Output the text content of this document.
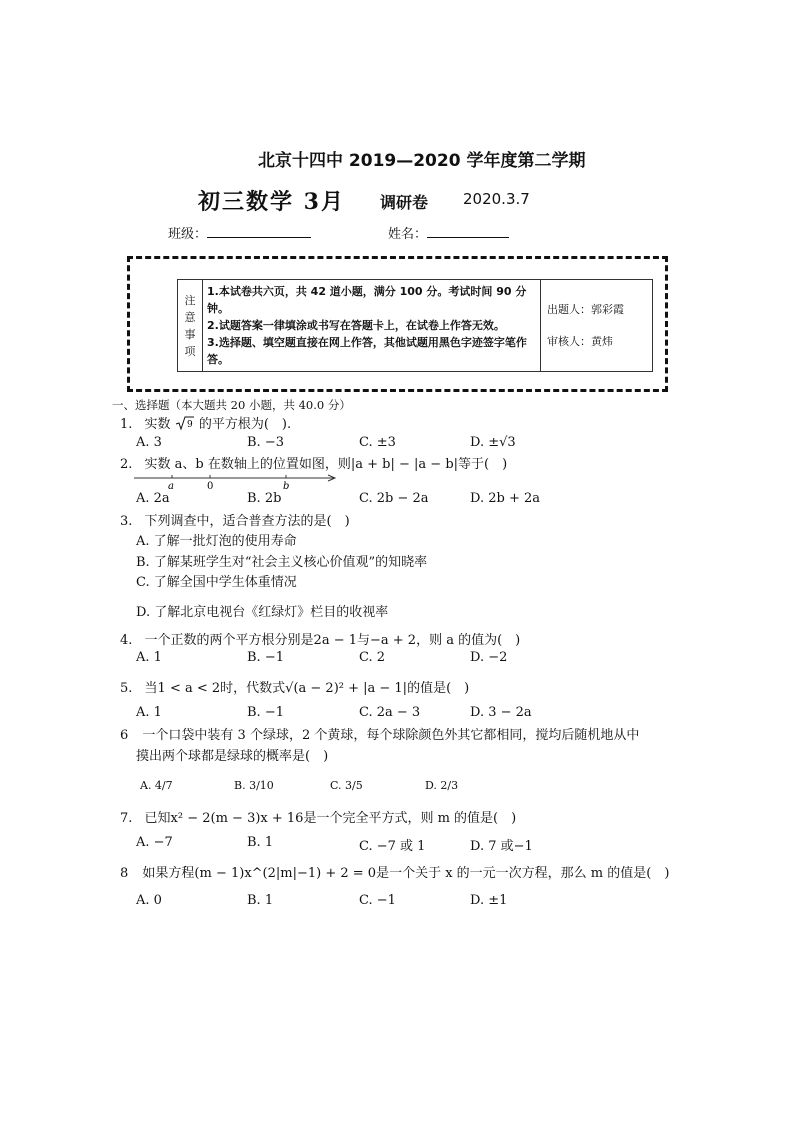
北京十四中 2019—2020 学年度第二学期
初三数学 3月 调研卷 2020.3.7
班级：	姓名：
注
意
事
项

1.本试卷共六页，共 42 道小题，满分 100 分。考试时间 90 分钟。
2.试题答案一律填涂或书写在答题卡上，在试卷上作答无效。
3.选择题、填空题直接在网上作答，其他试题用黑色字迹签字笔作答。

出题人：郭彩霞
审核人：黄炜
一、选择题（本大题共 20 小题，共 40.0 分）
1. 实数 9 的平方根为(　).
A. 3	B. −3	C. ±3	D. ±√3
2. 实数 a、b 在数轴上的位置如图，则|a + b| − |a − b|等于(　)
a	0	b
A. 2a	B. 2b	C. 2b − 2a	D. 2b + 2a
3. 下列调查中，适合普查方法的是(　)
A. 了解一批灯泡的使用寿命
B. 了解某班学生对“社会主义核心价值观”的知晓率
C. 了解全国中学生体重情况
D. 了解北京电视台《红绿灯》栏目的收视率
4. 一个正数的两个平方根分别是2a − 1与−a + 2，则 a 的值为(　)
A. 1	B. −1	C. 2	D. −2
5. 当1 < a < 2时，代数式√(a − 2)² + |a − 1|的值是(　)
A. 1	B. −1	C. 2a − 3	D. 3 − 2a
6 一个口袋中装有 3 个绿球，2 个黄球，每个球除颜色外其它都相同，搅均后随机地从中
摸出两个球都是绿球的概率是(　)
A. 4/7	B. 3/10	C. 3/5	D. 2/3
7. 已知x² − 2(m − 3)x + 16是一个完全平方式，则 m 的值是(　)
A. −7	B. 1	C. −7 或 1	D. 7 或−1
8 如果方程(m − 1)x^(2|m|−1) + 2 = 0是一个关于 x 的一元一次方程，那么 m 的值是(　)
A. 0	B. 1	C. −1	D. ±1
